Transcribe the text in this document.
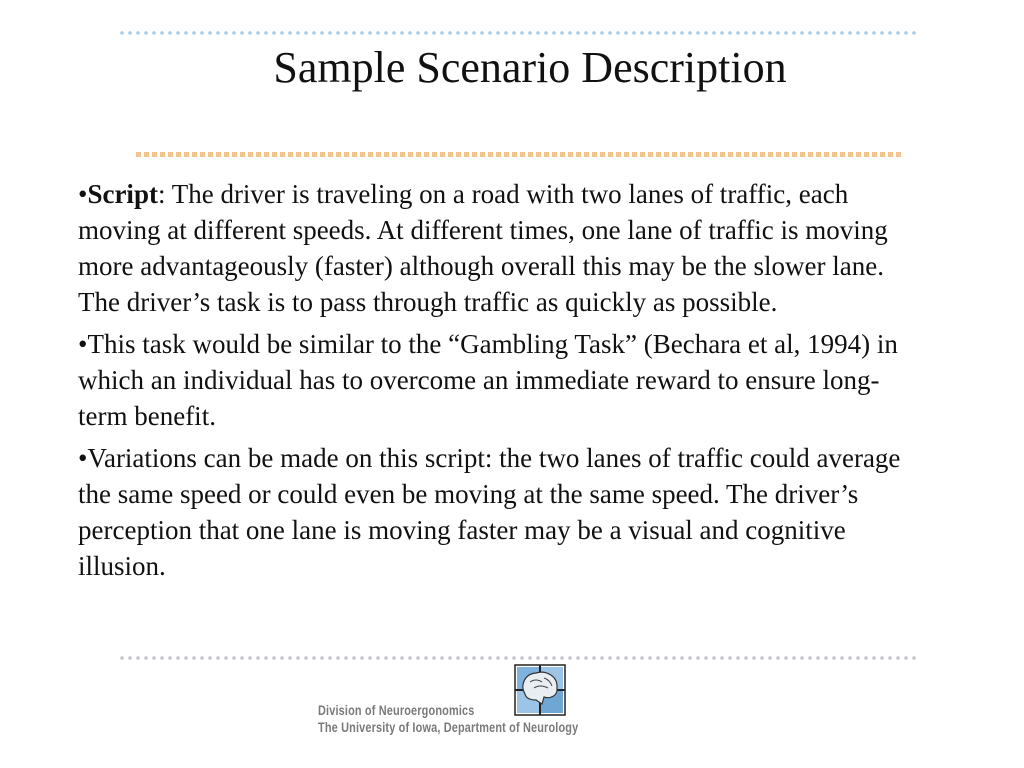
Sample Scenario Description

•Script: The driver is traveling on a road with two lanes of traffic, each moving at different speeds. At different times, one lane of traffic is moving more advantageously (faster) although overall this may be the slower lane. The driver’s task is to pass through traffic as quickly as possible.

•This task would be similar to the “Gambling Task” (Bechara et al, 1994) in which an individual has to overcome an immediate reward to ensure long-term benefit.

•Variations can be made on this script: the two lanes of traffic could average the same speed or could even be moving at the same speed. The driver’s perception that one lane is moving faster may be a visual and cognitive illusion.

Division of Neuroergonomics
The University of Iowa, Department of Neurology
